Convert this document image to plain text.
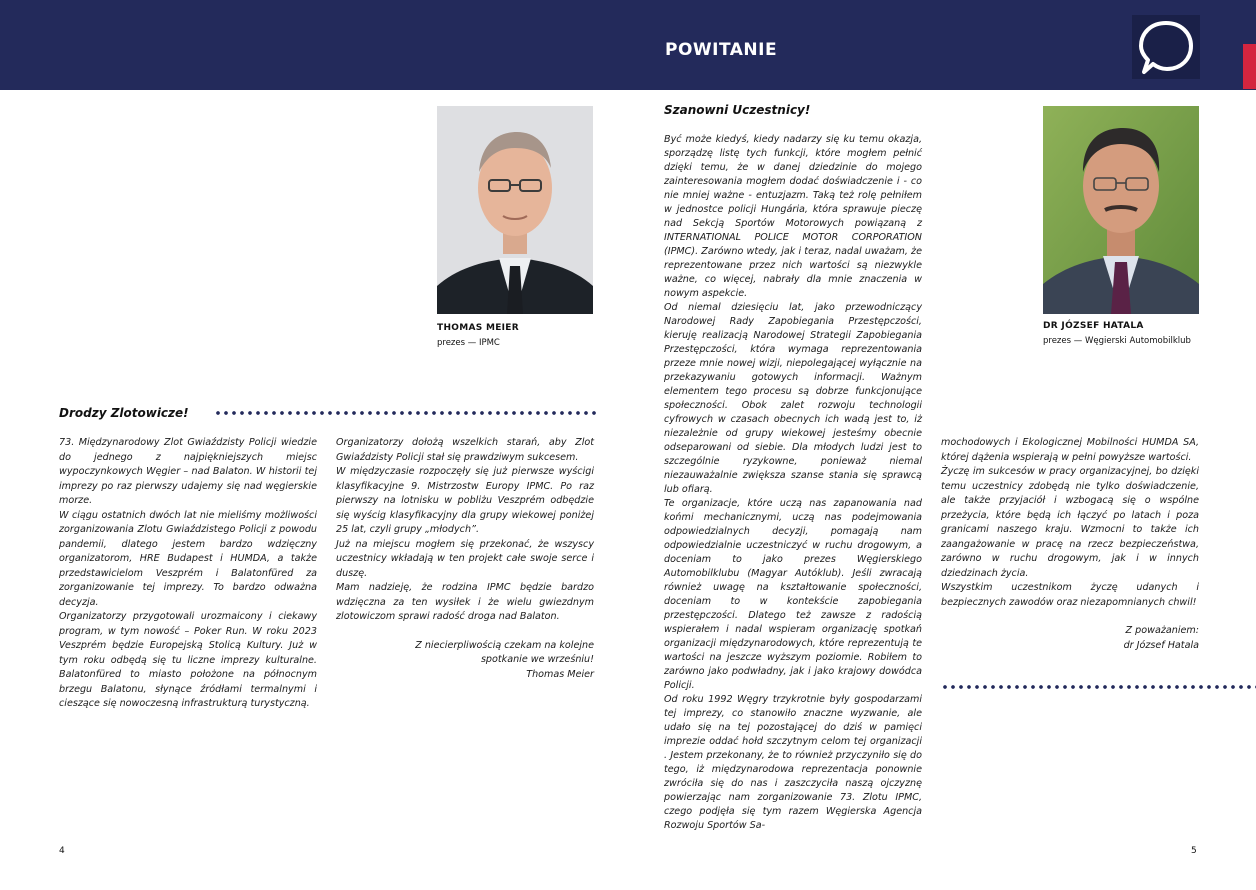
POWITANIE
THOMAS MEIER
prezes — IPMC
DR JÓZSEF HATALA
prezes — Węgierski Automobilklub
Drodzy Zlotowicze!

73. Międzynarodowy Zlot Gwiaździsty Policji wiedzie do jednego z najpiękniejszych miejsc wypoczynkowych Węgier – nad Balaton. W historii tej imprezy po raz pierwszy udajemy się nad węgierskie morze.

W ciągu ostatnich dwóch lat nie mieliśmy możliwości zorganizowania Zlotu Gwiaździstego Policji z powodu pandemii, dlatego jestem bardzo wdzięczny organizatorom, HRE Budapest i HUMDA, a także przedstawicielom Veszprém i Balatonfüred za zorganizowanie tej imprezy. To bardzo odważna decyzja.

Organizatorzy przygotowali urozmaicony i ciekawy program, w tym nowość – Poker Run. W roku 2023 Veszprém będzie Europejską Stolicą Kultury. Już w tym roku odbędą się tu liczne imprezy kulturalne. Balatonfüred to miasto położone na północnym brzegu Balatonu, słynące źródłami termalnymi i cieszące się nowoczesną infrastrukturą turystyczną.

Organizatorzy dołożą wszelkich starań, aby Zlot Gwiaździsty Policji stał się prawdziwym sukcesem.

W międzyczasie rozpoczęły się już pierwsze wyścigi klasyfikacyjne 9. Mistrzostw Europy IPMC. Po raz pierwszy na lotnisku w pobliżu Veszprém odbędzie się wyścig klasyfikacyjny dla grupy wiekowej poniżej 25 lat, czyli grupy „młodych”.

Już na miejscu mogłem się przekonać, że wszyscy uczestnicy wkładają w ten projekt całe swoje serce i duszę.

Mam nadzieję, że rodzina IPMC będzie bardzo wdzięczna za ten wysiłek i że wielu gwiezdnym zlotowiczom sprawi radość droga nad Balaton.

Z niecierpliwością czekam na kolejne

spotkanie we wrześniu!

Thomas Meier

Szanowni Uczestnicy!

Być może kiedyś, kiedy nadarzy się ku temu okazja, sporządzę listę tych funkcji, które mogłem pełnić dzięki temu, że w danej dziedzinie do mojego zainteresowania mogłem dodać doświadczenie i - co nie mniej ważne - entuzjazm. Taką też rolę pełniłem w jednostce policji Hungária, która sprawuje pieczę nad Sekcją Sportów Motorowych powiązaną z INTERNATIONAL POLICE MOTOR CORPORATION (IPMC). Zarówno wtedy, jak i teraz, nadal uważam, że reprezentowane przez nich wartości są niezwykle ważne, co więcej, nabrały dla mnie znaczenia w nowym aspekcie.

Od niemal dziesięciu lat, jako przewodniczący Narodowej Rady Zapobiegania Przestępczości, kieruję realizacją Narodowej Strategii Zapobiegania Przestępczości, która wymaga reprezentowania przeze mnie nowej wizji, niepolegającej wyłącznie na przekazywaniu gotowych informacji. Ważnym elementem tego procesu są dobrze funkcjonujące społeczności. Obok zalet rozwoju technologii cyfrowych w czasach obecnych ich wadą jest to, iż niezależnie od grupy wiekowej jesteśmy obecnie odseparowani od siebie. Dla młodych ludzi jest to szczególnie ryzykowne, ponieważ niemal niezauważalnie zwiększa szanse stania się sprawcą lub ofiarą.

Te organizacje, które uczą nas zapanowania nad końmi mechanicznymi, uczą nas podejmowania odpowiedzialnych decyzji, pomagają nam odpowiedzialnie uczestniczyć w ruchu drogowym, a doceniam to jako prezes Węgierskiego Automobilklubu (Magyar Autóklub). Jeśli zwracają również uwagę na kształtowanie społeczności, doceniam to w kontekście zapobiegania przestępczości. Dlatego też zawsze z radością wspierałem i nadal wspieram organizację spotkań organizacji międzynarodowych, które reprezentują te wartości na jeszcze wyższym poziomie. Robiłem to zarówno jako podwładny, jak i jako krajowy dowódca Policji.

Od roku 1992 Węgry trzykrotnie były gospodarzami tej imprezy, co stanowiło znaczne wyzwanie, ale udało się na tej pozostającej do dziś w pamięci imprezie oddać hołd szczytnym celom tej organizacji . Jestem przekonany, że to również przyczyniło się do tego, iż międzynarodowa reprezentacja ponownie zwróciła się do nas i zaszczyciła naszą ojczyznę powierzając nam zorganizowanie 73. Zlotu IPMC, czego podjęła się tym razem Węgierska Agencja Rozwoju Sportów Sa-

mochodowych i Ekologicznej Mobilności HUMDA SA, której dążenia wspierają w pełni powyższe wartości.

Życzę im sukcesów w pracy organizacyjnej, bo dzięki temu uczestnicy zdobędą nie tylko doświadczenie, ale także przyjaciół i wzbogacą się o wspólne przeżycia, które będą ich łączyć po latach i poza granicami naszego kraju. Wzmocni to także ich zaangażowanie w pracę na rzecz bezpieczeństwa, zarówno w ruchu drogowym, jak i w innych dziedzinach życia.

Wszystkim uczestnikom życzę udanych i bezpiecznych zawodów oraz niezapomnianych chwil!

Z poważaniem:

dr József Hatala

4	5
